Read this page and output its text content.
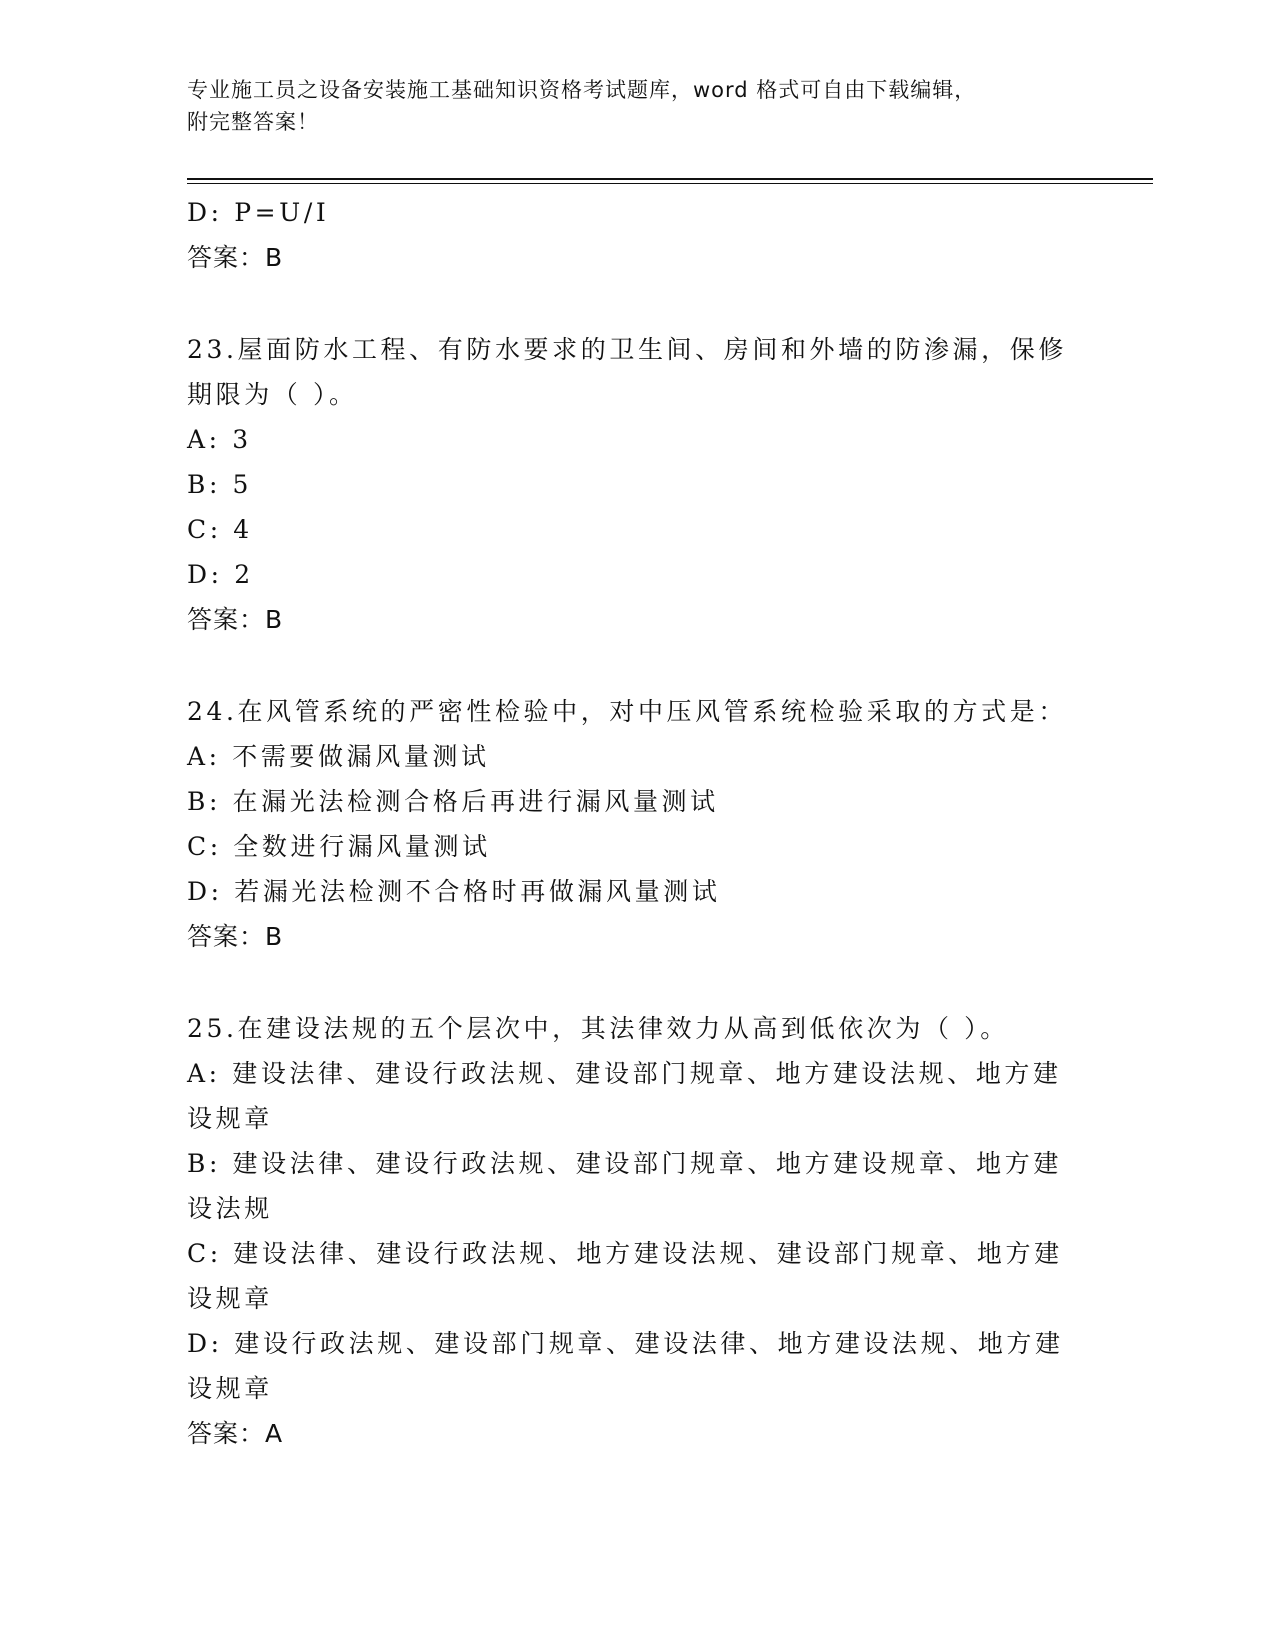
专业施工员之设备安装施工基础知识资格考试题库，word 格式可自由下载编辑，
附完整答案！
D: P=U/I
答案：B
23.屋面防水工程、有防水要求的卫生间、房间和外墙的防渗漏，保修
期限为（ ）。
A: 3
B: 5
C: 4
D: 2
答案：B
24.在风管系统的严密性检验中，对中压风管系统检验采取的方式是：
A: 不需要做漏风量测试
B: 在漏光法检测合格后再进行漏风量测试
C: 全数进行漏风量测试
D: 若漏光法检测不合格时再做漏风量测试
答案：B
25.在建设法规的五个层次中，其法律效力从高到低依次为（ ）。
A: 建设法律、建设行政法规、建设部门规章、地方建设法规、地方建
设规章
B: 建设法律、建设行政法规、建设部门规章、地方建设规章、地方建
设法规
C: 建设法律、建设行政法规、地方建设法规、建设部门规章、地方建
设规章
D: 建设行政法规、建设部门规章、建设法律、地方建设法规、地方建
设规章
答案：A
